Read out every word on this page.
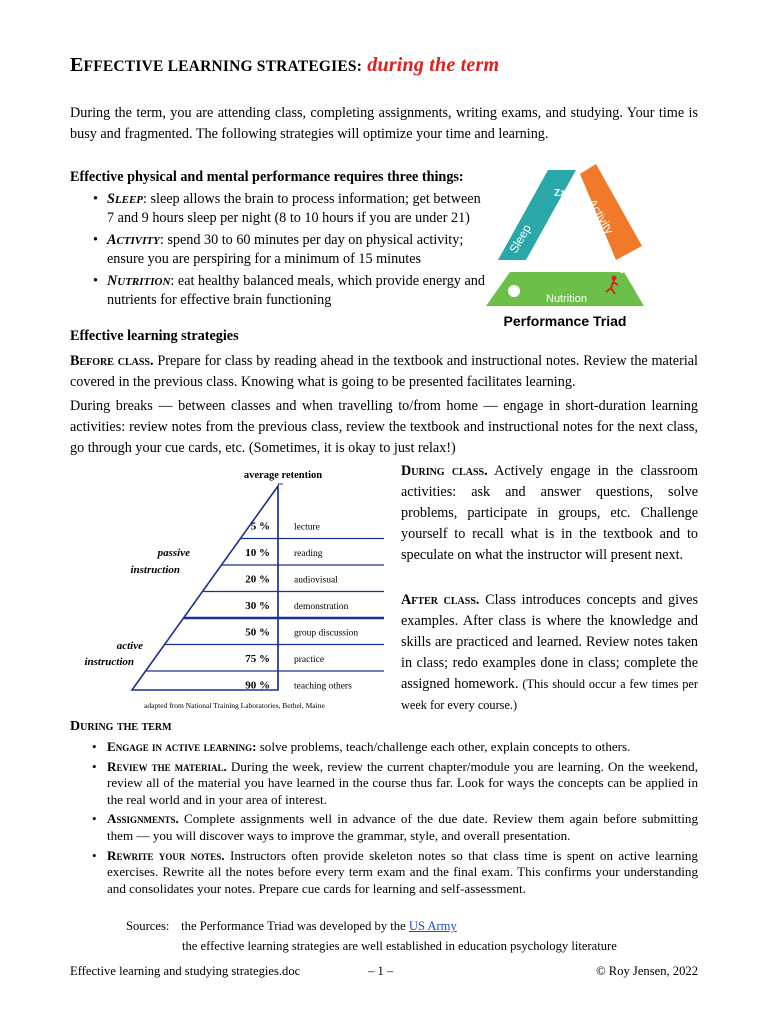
EFFECTIVE LEARNING STRATEGIES: during the term

During the term, you are attending class, completing assignments, writing exams, and studying. Your time is busy and fragmented. The following strategies will optimize your time and learning.

Effective physical and mental performance requires three things:
• SLEEP: sleep allows the brain to process information; get between 7 and 9 hours sleep per night (8 to 10 hours if you are under 21)
• ACTIVITY: spend 30 to 60 minutes per day on physical activity; ensure you are perspiring for a minimum of 15 minutes
• NUTRITION: eat healthy balanced meals, which provide energy and nutrients for effective brain functioning
Sleep
Activity
Nutrition
Zzz
Performance Triad
Effective learning strategies

Before class. Prepare for class by reading ahead in the textbook and instructional notes. Review the material covered in the previous class. Knowing what is going to be presented facilitates learning.

During breaks — between classes and when travelling to/from home — engage in short-duration learning activities: review notes from the previous class, review the textbook and instructional notes for the next class, go through your cue cards, etc. (Sometimes, it is okay to just relax!)

average retention
5 %	lecture
10 %	reading
20 %	audiovisual
30 %	demonstration
50 %	group discussion
75 %	practice
90 %	teaching others
passive
instruction
active
instruction
adapted from National Training Laboratories, Bethel, Maine

During class. Actively engage in the classroom activities: ask and answer questions, solve problems, participate in groups, etc. Challenge yourself to recall what is in the textbook and to speculate on what the instructor will present next.

After class. Class introduces concepts and gives examples. After class is where the knowledge and skills are practiced and learned. Review notes taken in class; redo examples done in class; complete the assigned homework. (This should occur a few times per week for every course.)

During the term
• Engage in active learning: solve problems, teach/challenge each other, explain concepts to others.
• Review the material. During the week, review the current chapter/module you are learning. On the weekend, review all of the material you have learned in the course thus far. Look for ways the concepts can be applied in the real world and in your area of interest.
• Assignments. Complete assignments well in advance of the due date. Review them again before submitting them — you will discover ways to improve the grammar, style, and overall presentation.
• Rewrite your notes. Instructors often provide skeleton notes so that class time is spent on active learning exercises. Rewrite all the notes before every term exam and the final exam. This confirms your understanding and consolidates your notes. Prepare cue cards for learning and self-assessment.
Sources: the Performance Triad was developed by the US Army
the effective learning strategies are well established in education psychology literature
Effective learning and studying strategies.doc	– 1 –	© Roy Jensen, 2022
